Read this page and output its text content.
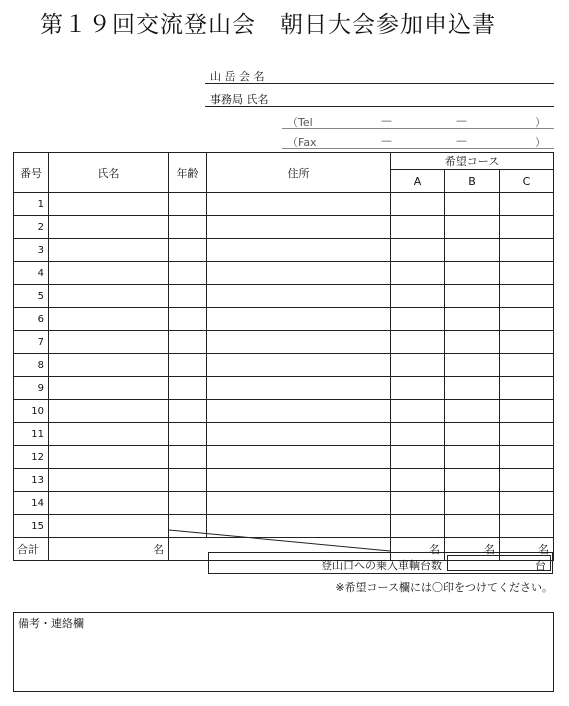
第１９回交流登山会　朝日大会参加申込書
山 岳 会 名
事務局 氏名
（Tel	—	—	）
（Fax	—	—	）
番号	氏名	年齢	住所	希望コース		
				A	B	C
1						
2						
3						
4						
5						
6						
7						
8						
9						
10						
11						
12						
13						
14						
15						
合計	名			名	名	名
登山口への乗入車輌台数	台
※希望コース欄には〇印をつけてください。
備考・連絡欄
